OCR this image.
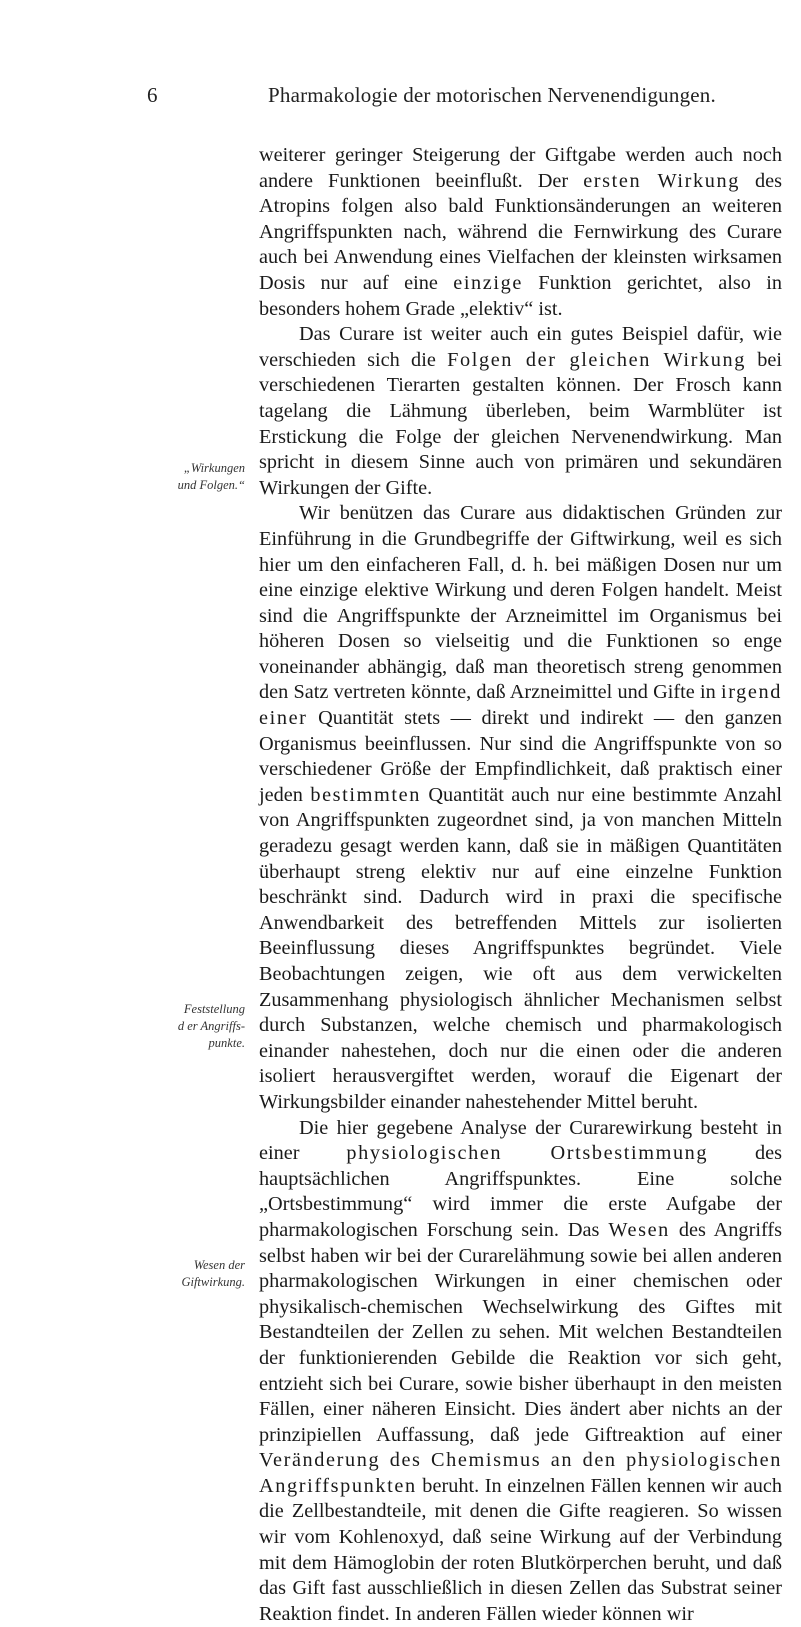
6	Pharmakologie der motorischen Nervenendigungen.
„Wirkungen
und Folgen.“
Feststellung
d er Angriffs-
punkte.
Wesen der
Giftwirkung.

weiterer geringer Steigerung der Giftgabe werden auch noch andere Funktionen beeinflußt. Der ersten Wirkung des Atropins folgen also bald Funktionsänderungen an weiteren Angriffspunkten nach, während die Fernwirkung des Curare auch bei Anwendung eines Vielfachen der kleinsten wirksamen Dosis nur auf eine einzige Funktion gerichtet, also in besonders hohem Grade „elektiv“ ist.

Das Curare ist weiter auch ein gutes Beispiel dafür, wie verschieden sich die Folgen der gleichen Wirkung bei verschiedenen Tierarten gestalten können. Der Frosch kann tagelang die Lähmung überleben, beim Warmblüter ist Erstickung die Folge der gleichen Nervenendwirkung. Man spricht in diesem Sinne auch von primären und sekundären Wirkungen der Gifte.

Wir benützen das Curare aus didaktischen Gründen zur Einführung in die Grundbegriffe der Giftwirkung, weil es sich hier um den einfacheren Fall, d. h. bei mäßigen Dosen nur um eine einzige elektive Wirkung und deren Folgen handelt. Meist sind die Angriffspunkte der Arzneimittel im Organismus bei höheren Dosen so vielseitig und die Funktionen so enge voneinander abhängig, daß man theoretisch streng genommen den Satz vertreten könnte, daß Arzneimittel und Gifte in irgend einer Quantität stets — direkt und indirekt — den ganzen Organismus beeinflussen. Nur sind die Angriffspunkte von so verschiedener Größe der Empfindlichkeit, daß praktisch einer jeden bestimmten Quantität auch nur eine bestimmte Anzahl von Angriffspunkten zugeordnet sind, ja von manchen Mitteln geradezu gesagt werden kann, daß sie in mäßigen Quantitäten überhaupt streng elektiv nur auf eine einzelne Funktion beschränkt sind. Dadurch wird in praxi die specifische Anwendbarkeit des betreffenden Mittels zur isolierten Beeinflussung dieses Angriffspunktes begründet. Viele Beobachtungen zeigen, wie oft aus dem verwickelten Zusammenhang physiologisch ähnlicher Mechanismen selbst durch Substanzen, welche chemisch und pharmakologisch einander nahestehen, doch nur die einen oder die anderen isoliert herausvergiftet werden, worauf die Eigenart der Wirkungsbilder einander nahestehender Mittel beruht.

Die hier gegebene Analyse der Curarewirkung besteht in einer physiologischen Ortsbestimmung des hauptsächlichen Angriffspunktes. Eine solche „Ortsbestimmung“ wird immer die erste Aufgabe der pharmakologischen Forschung sein. Das Wesen des Angriffs selbst haben wir bei der Curarelähmung sowie bei allen anderen pharmakologischen Wirkungen in einer chemischen oder physikalisch-chemischen Wechselwirkung des Giftes mit Bestandteilen der Zellen zu sehen. Mit welchen Bestandteilen der funktionierenden Gebilde die Reaktion vor sich geht, entzieht sich bei Curare, sowie bisher überhaupt in den meisten Fällen, einer näheren Einsicht. Dies ändert aber nichts an der prinzipiellen Auffassung, daß jede Giftreaktion auf einer Veränderung des Chemismus an den physiologischen Angriffspunkten beruht. In einzelnen Fällen kennen wir auch die Zellbestandteile, mit denen die Gifte reagieren. So wissen wir vom Kohlenoxyd, daß seine Wirkung auf der Verbindung mit dem Hämoglobin der roten Blutkörperchen beruht, und daß das Gift fast ausschließlich in diesen Zellen das Substrat seiner Reaktion findet. In anderen Fällen wieder können wir
